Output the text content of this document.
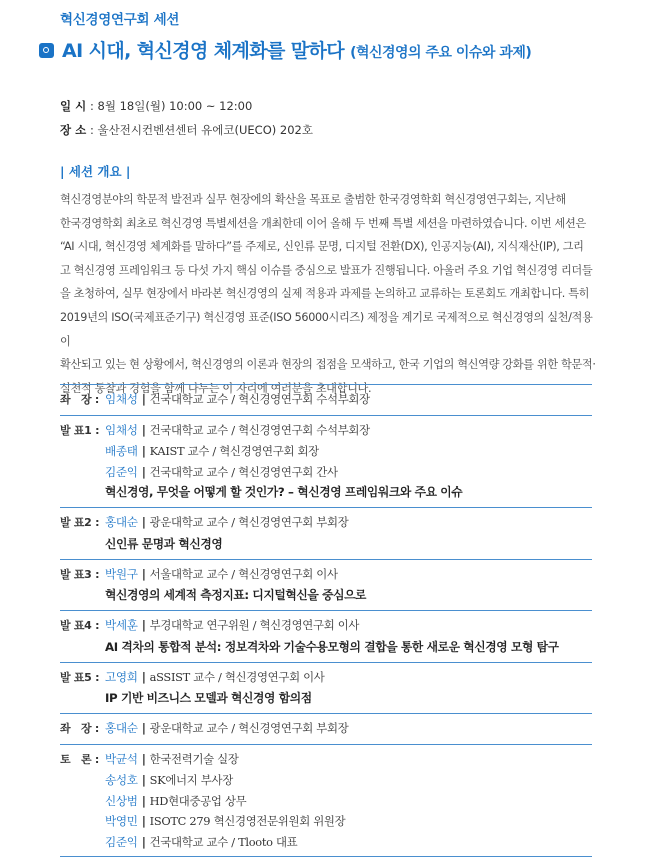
혁신경영연구회 세션
AI 시대, 혁신경영 체계화를 말하다 (혁신경영의 주요 이슈와 과제)
일 시 : 8월 18일(월) 10:00 ~ 12:00
장 소 : 울산전시컨벤션센터 유에코(UECO) 202호
| 세션 개요 |

혁신경영분야의 학문적 발전과 실무 현장에의 확산을 목표로 출범한 한국경영학회 혁신경영연구회는, 지난해

한국경영학회 최초로 혁신경영 특별세션을 개최한데 이어 올해 두 번째 특별 세션을 마련하였습니다. 이번 세션은

“AI 시대, 혁신경영 체계화를 말하다”를 주제로, 신인류 문명, 디지털 전환(DX), 인공지능(AI), 지식재산(IP), 그리

고 혁신경영 프레임워크 등 다섯 가지 핵심 이슈를 중심으로 발표가 진행됩니다. 아울러 주요 기업 혁신경영 리더들

을 초청하여, 실무 현장에서 바라본 혁신경영의 실제 적용과 과제를 논의하고 교류하는 토론회도 개최합니다. 특히

2019년의 ISO(국제표준기구) 혁신경영 표준(ISO 56000시리즈) 제정을 계기로 국제적으로 혁신경영의 실천/적용이

확산되고 있는 현 상황에서, 혁신경영의 이론과 현장의 접점을 모색하고, 한국 기업의 혁신역량 강화를 위한 학문적·

실천적 통찰과 경험을 함께 나누는 이 자리에 여러분을 초대합니다.

좌　장 : 임채성 | 건국대학교 교수 / 혁신경영연구회 수석부회장
발 표1 : 임채성 | 건국대학교 교수 / 혁신경영연구회 수석부회장
배종태 | KAIST 교수 / 혁신경영연구회 회장
김준익 | 건국대학교 교수 / 혁신경영연구회 간사
혁신경영, 무엇을 어떻게 할 것인가? – 혁신경영 프레임워크와 주요 이슈
발 표2 : 홍대순 | 광운대학교 교수 / 혁신경영연구회 부회장
신인류 문명과 혁신경영
발 표3 : 박원구 | 서울대학교 교수 / 혁신경영연구회 이사
혁신경영의 세계적 측정지표: 디지털혁신을 중심으로
발 표4 : 박세훈 | 부경대학교 연구위원 / 혁신경영연구회 이사
AI 격차의 통합적 분석: 정보격차와 기술수용모형의 결합을 통한 새로운 혁신경영 모형 탐구
발 표5 : 고영희 | aSSIST 교수 / 혁신경영연구회 이사
IP 기반 비즈니스 모델과 혁신경영 함의점
좌　장 : 홍대순 | 광운대학교 교수 / 혁신경영연구회 부회장
토　론 : 박균석 | 한국전력기술 실장
송성호 | SK에너지 부사장
신상범 | HD현대중공업 상무
박영민 | ISOTC 279 혁신경영전문위원회 위원장
김준익 | 건국대학교 교수 / Tlooto 대표
